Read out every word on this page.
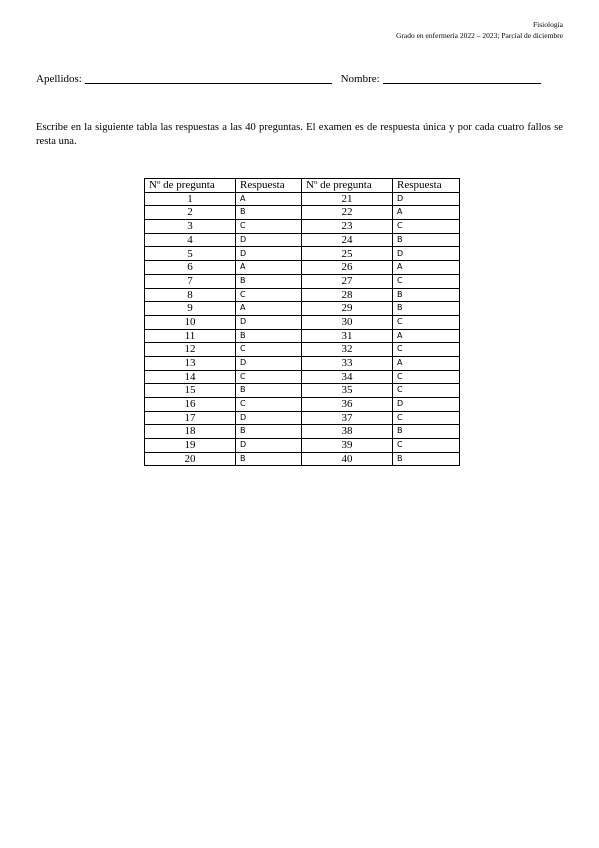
Fisiología
Grado en enfermería 2022 – 2023; Parcial de diciembre
Apellidos:	Nombre:
Escribe en la siguiente tabla las respuestas a las 40 preguntas. El examen es de respuesta única y por cada cuatro fallos se resta una.
Nº de pregunta	Respuesta	Nº de pregunta	Respuesta
1	A	21	D
2	B	22	A
3	C	23	C
4	D	24	B
5	D	25	D
6	A	26	A
7	B	27	C
8	C	28	B
9	A	29	B
10	D	30	C
11	B	31	A
12	C	32	C
13	D	33	A
14	C	34	C
15	B	35	C
16	C	36	D
17	D	37	C
18	B	38	B
19	D	39	C
20	B	40	B
